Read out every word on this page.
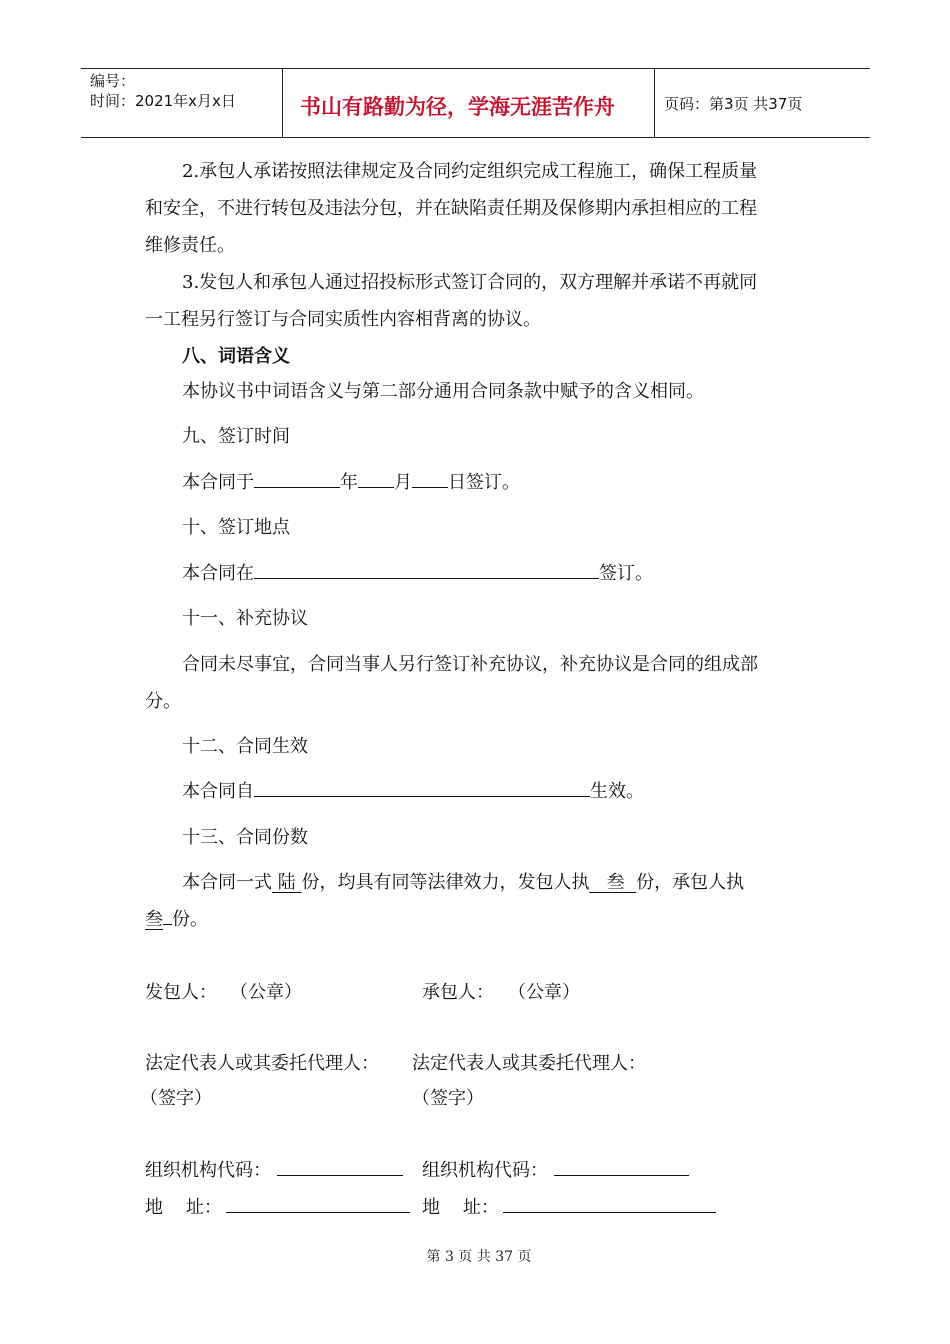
编号：
时间：2021年x月x日	书山有路勤为径，学海无涯苦作舟	页码：第3页 共37页
2.承包人承诺按照法律规定及合同约定组织完成工程施工，确保工程质量
和安全，不进行转包及违法分包，并在缺陷责任期及保修期内承担相应的工程
维修责任。
3.发包人和承包人通过招投标形式签订合同的，双方理解并承诺不再就同
一工程另行签订与合同实质性内容相背离的协议。
八、词语含义
本协议书中词语含义与第二部分通用合同条款中赋予的含义相同。
九、签订时间
本合同于	年 月 日签订。
十、签订地点
本合同在	签订。
十一、补充协议
合同未尽事宜，合同当事人另行签订补充协议，补充协议是合同的组成部
分。
十二、合同生效
本合同自	生效。
十三、合同份数
本合同一式 陆 份，均具有同等法律效力，发包人执 叁 份，承包人执
叁 份。
发包人： （公章）	承包人： （公章）
法定代表人或其委托代理人： 法定代表人或其委托代理人：
（签字）	（签字）
组织机构代码：	组织机构代码：
地    址：	地    址：
第 3 页 共 37 页
